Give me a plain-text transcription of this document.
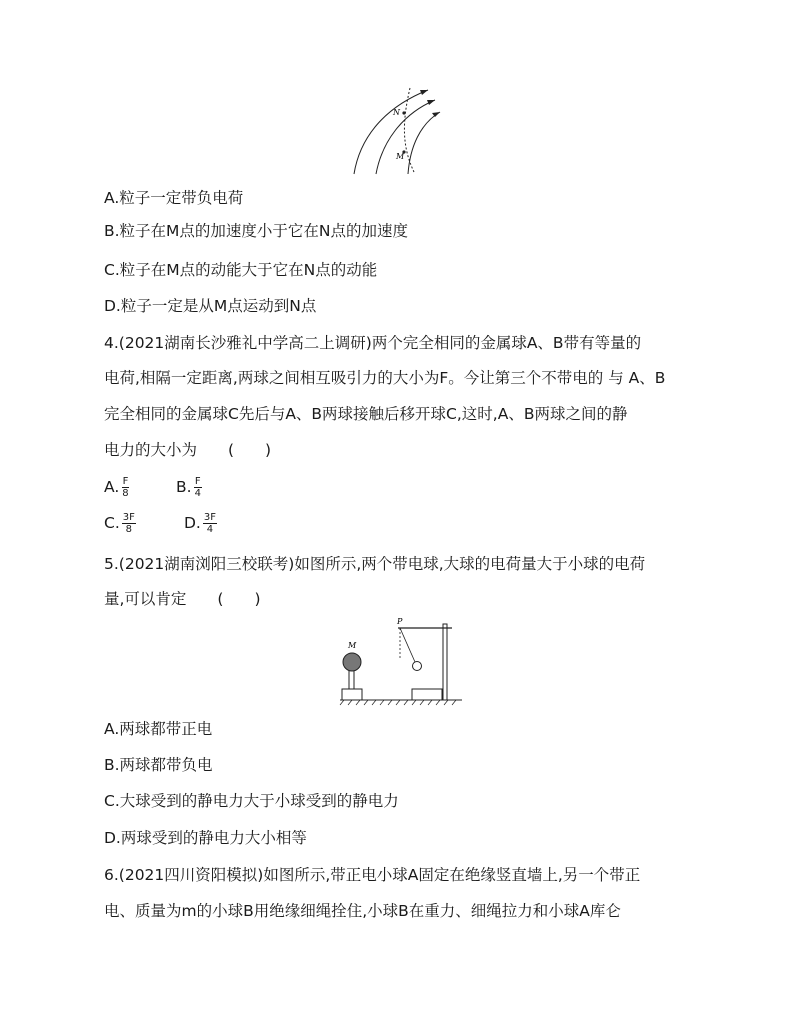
N
M
A.粒子一定带负电荷
B.粒子在M点的加速度小于它在N点的加速度
C.粒子在M点的动能大于它在N点的动能
D.粒子一定是从M点运动到N点
4.(2021湖南长沙雅礼中学高二上调研)两个完全相同的金属球A、B带有等量的
电荷,相隔一定距离,两球之间相互吸引力的大小为F。今让第三个不带电的 与 A、B
完全相同的金属球C先后与A、B两球接触后移开球C,这时,A、B两球之间的静
电力的大小为　　(　　)
A. $\frac{F}{8}$	B. $\frac{F}{4}$
C. $\frac{3F}{8}$	D. $\frac{3F}{4}$
5.(2021湖南浏阳三校联考)如图所示,两个带电球,大球的电荷量大于小球的电荷
量,可以肯定　　(　　)
M
P
A.两球都带正电
B.两球都带负电
C.大球受到的静电力大于小球受到的静电力
D.两球受到的静电力大小相等
6.(2021四川资阳模拟)如图所示,带正电小球A固定在绝缘竖直墙上,另一个带正
电、质量为m的小球B用绝缘细绳拴住,小球B在重力、细绳拉力和小球A库仑
